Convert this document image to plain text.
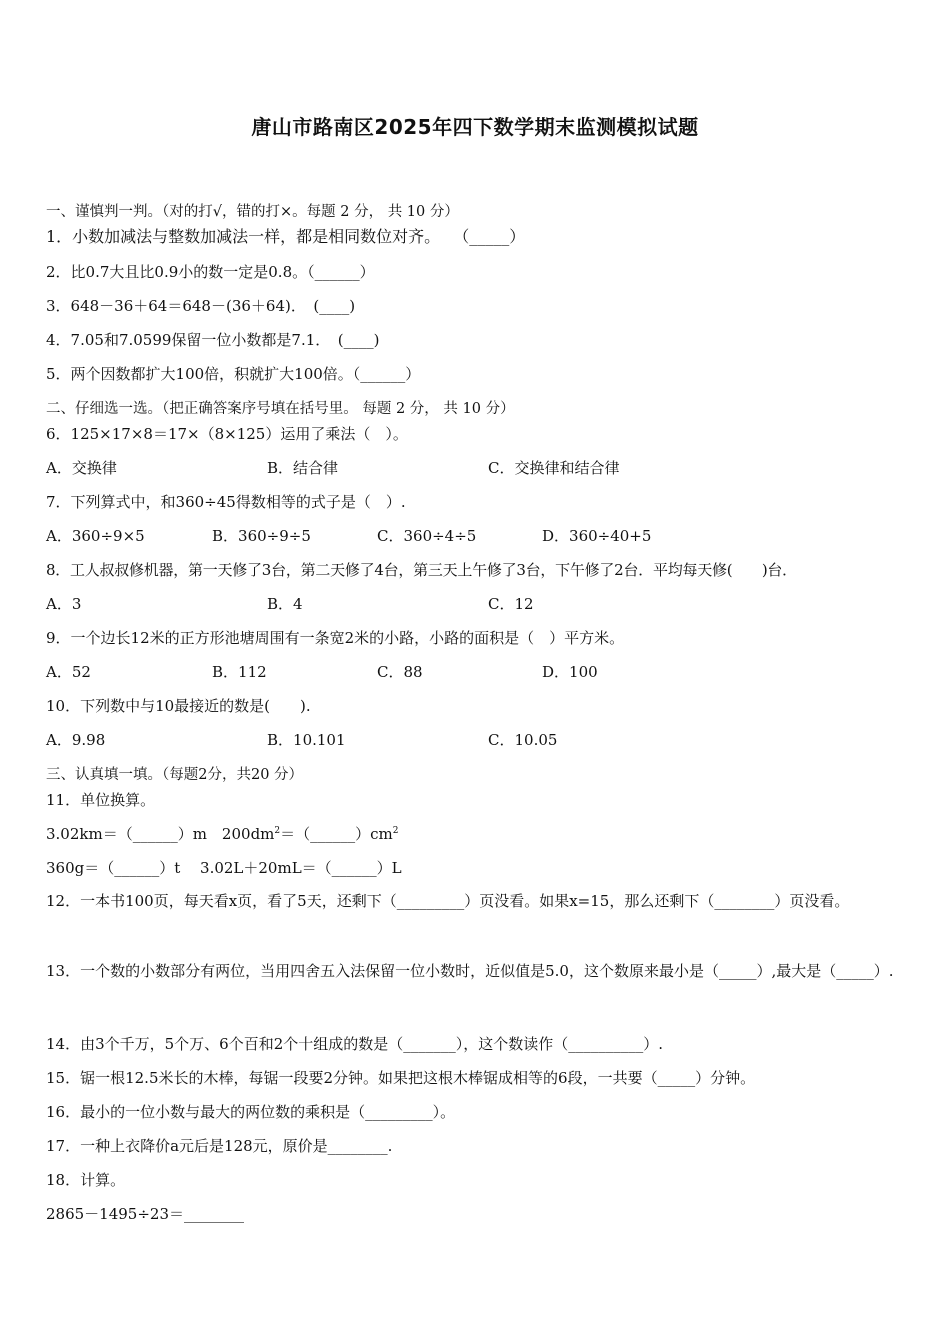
唐山市路南区2025年四下数学期末监测模拟试题
一、谨慎判一判。（对的打√，错的打×。每题 2 分， 共 10 分）
1．小数加减法与整数加减法一样，都是相同数位对齐。　 （_____）
2．比0.7大且比0.9小的数一定是0.8。（______）
3．648－36＋64＝648－(36＋64)．　(____)
4．7.05和7.0599保留一位小数都是7.1．　(____)
5．两个因数都扩大100倍，积就扩大100倍。（______）
二、仔细选一选。（把正确答案序号填在括号里。 每题 2 分， 共 10 分）
6．125×17×8＝17×（8×125）运用了乘法（　）。
A．交换律	B．结合律	C．交换律和结合律
7．下列算式中，和360÷45得数相等的式子是（　）.
A．360÷9×5	B．360÷9÷5	C．360÷4÷5	D．360÷40+5
8．工人叔叔修机器，第一天修了3台，第二天修了4台，第三天上午修了3台，下午修了2台．平均每天修(　　)台．
A．3	B．4	C．12
9．一个边长12米的正方形池塘周围有一条宽2米的小路，小路的面积是（　）平方米。
A．52	B．112	C．88	D．100
10．下列数中与10最接近的数是(　　).
A．9.98	B．10.101	C．10.05
三、认真填一填。（每题2分，共20 分）
11．单位换算。
3.02km＝（______）m　$200dm^2=(\_\_\_\_\_\_)cm^2$
360g＝（______）t　 3.02L＋20mL＝（______）L
12．一本书100页，每天看x页，看了5天，还剩下（_________）页没看。如果x=15，那么还剩下（________）页没看。
13．一个数的小数部分有两位，当用四舍五入法保留一位小数时，近似值是5.0，这个数原来最小是（_____）,最大是（_____）.
14．由3个千万，5个万、6个百和2个十组成的数是（_______），这个数读作（__________）.
15．锯一根12.5米长的木棒，每锯一段要2分钟。如果把这根木棒锯成相等的6段，一共要（_____）分钟。
16．最小的一位小数与最大的两位数的乘积是（_________）。
17．一种上衣降价a元后是128元，原价是________.
18．计算。
2865－1495÷23＝________
